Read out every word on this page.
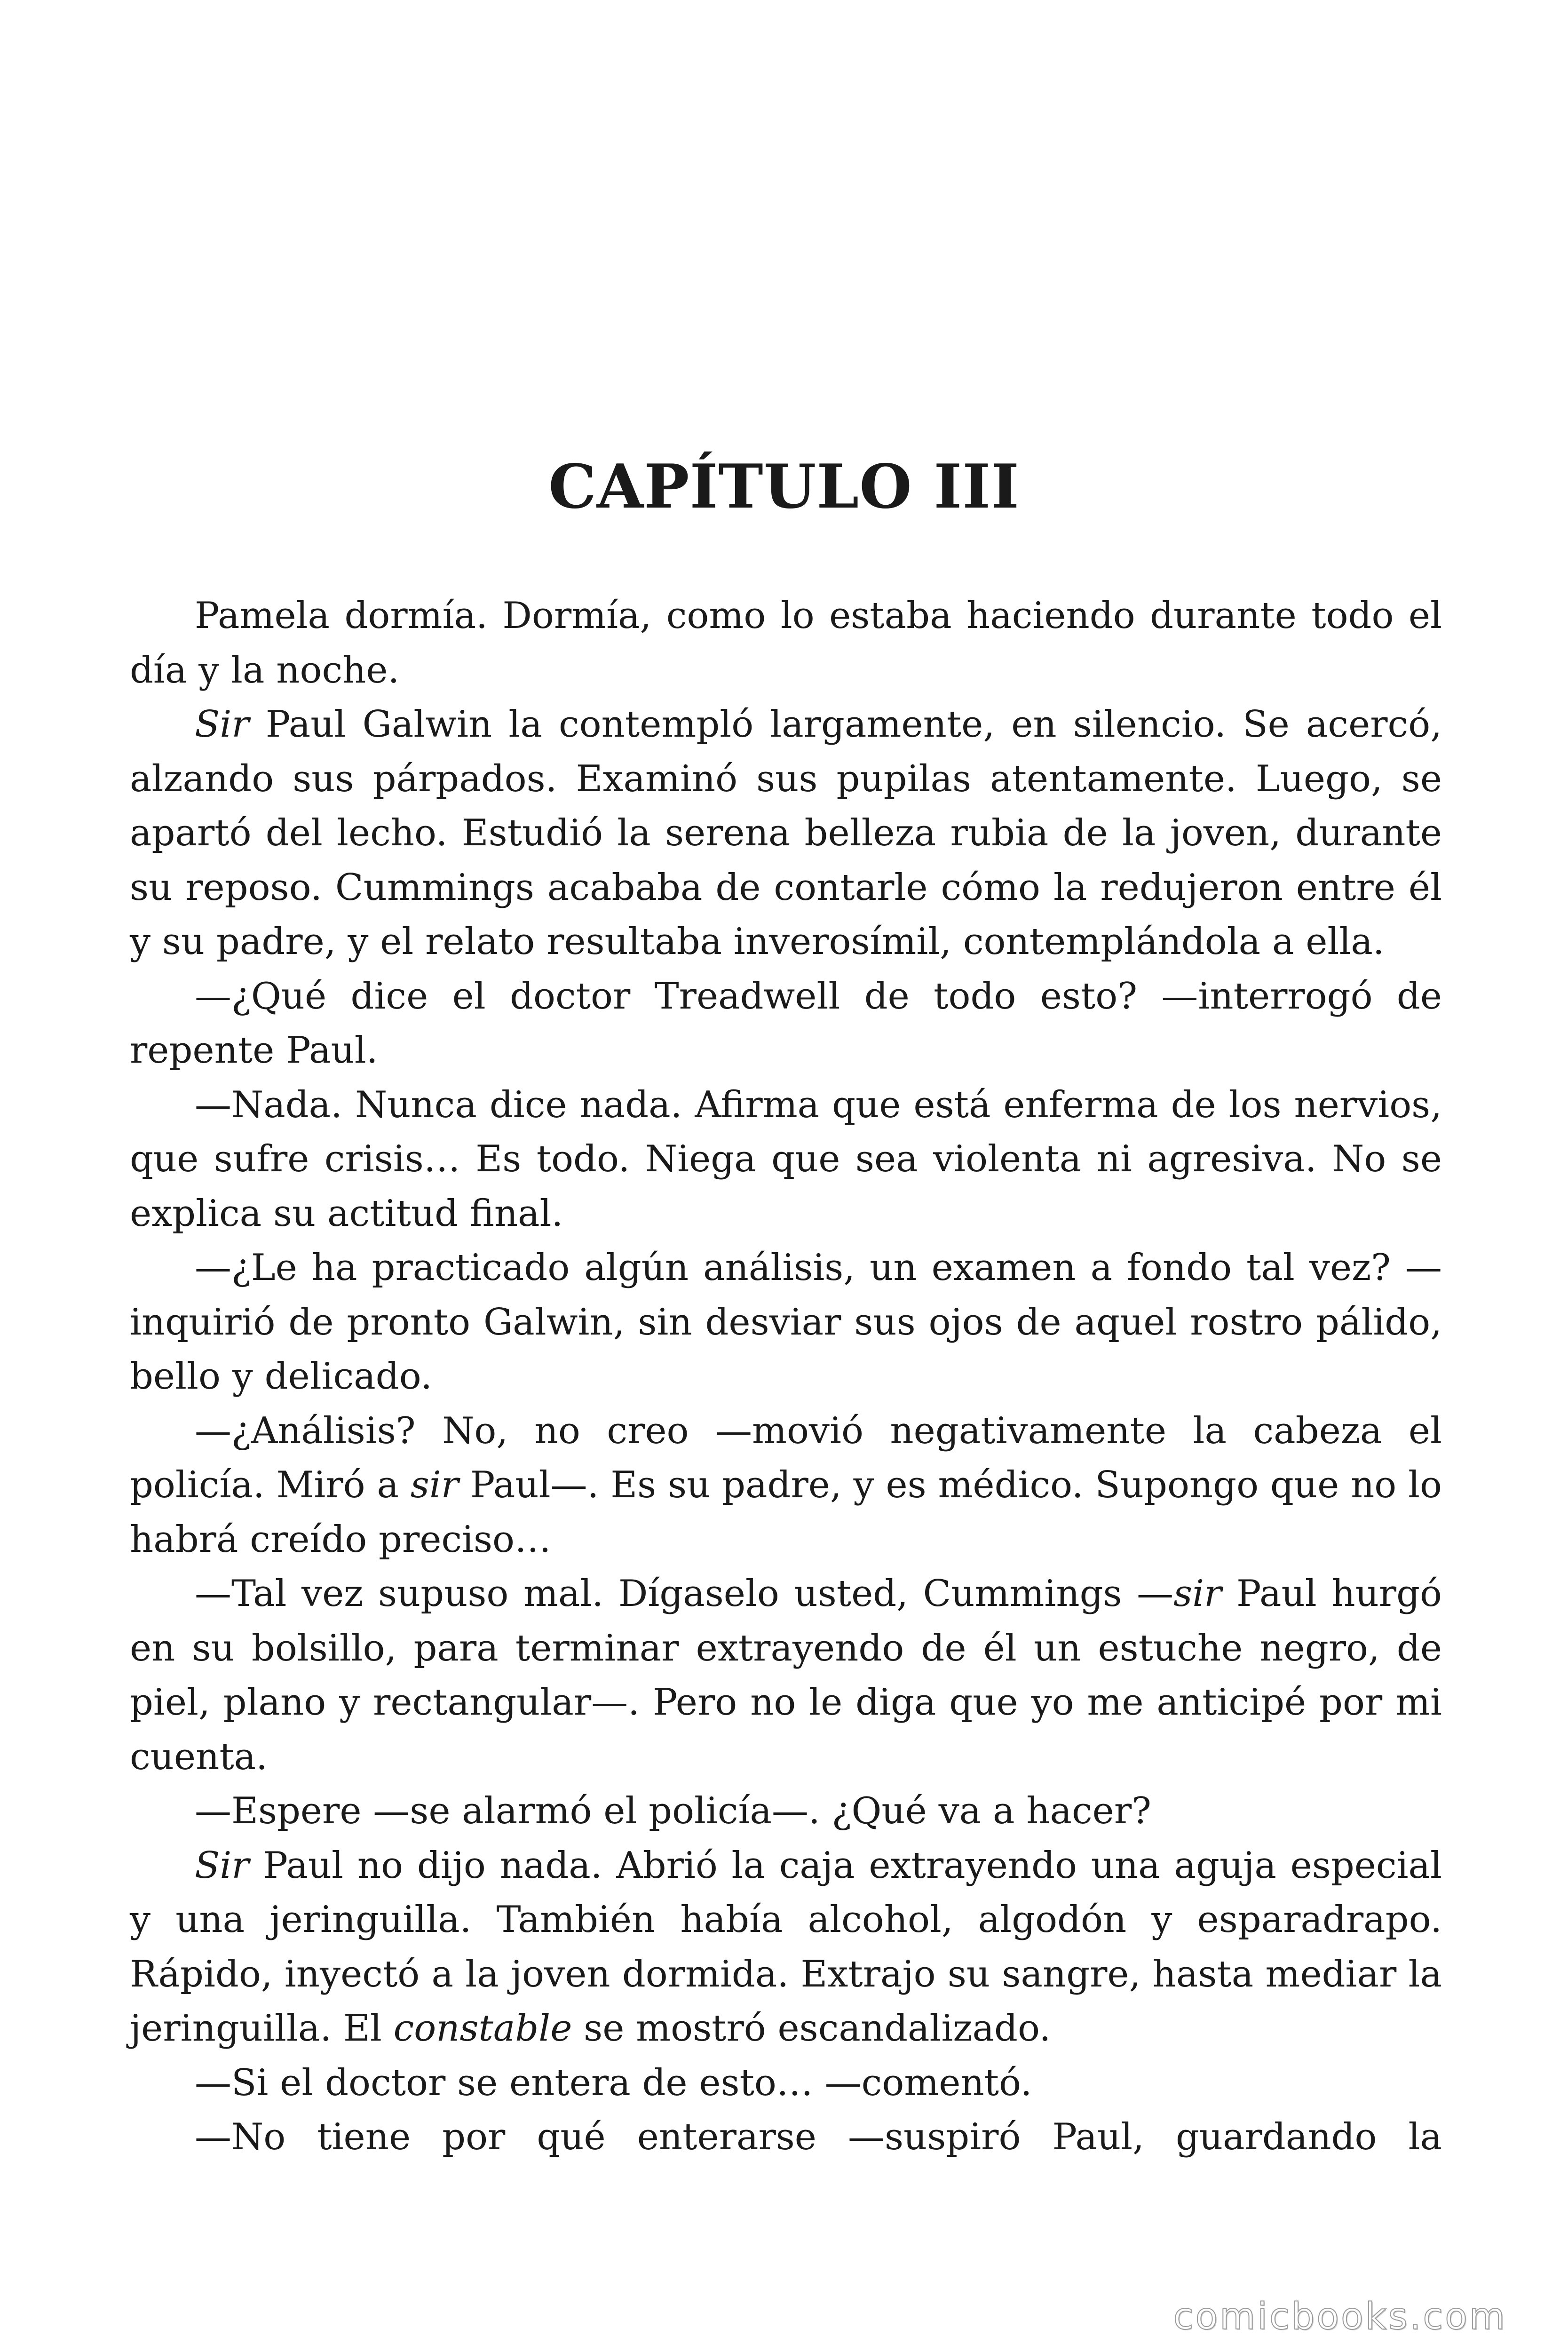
CAPÍTULO III

Pamela dormía. Dormía, como lo estaba haciendo durante todo el día y la noche.

Sir Paul Galwin la contempló largamente, en silencio. Se acercó, alzando sus párpados. Examinó sus pupilas atentamente. Luego, se apartó del lecho. Estudió la serena belleza rubia de la joven, durante su reposo. Cummings acababa de contarle cómo la redujeron entre él y su padre, y el relato resultaba inverosímil, contemplándola a ella.

—¿Qué dice el doctor Treadwell de todo esto? —interrogó de repente Paul.

—Nada. Nunca dice nada. Afirma que está enferma de los nervios, que sufre crisis… Es todo. Niega que sea violenta ni agresiva. No se explica su actitud final.

—¿Le ha practicado algún análisis, un examen a fondo tal vez? —inquirió de pronto Galwin, sin desviar sus ojos de aquel rostro pálido, bello y delicado.

—¿Análisis? No, no creo —movió negativamente la cabeza el policía. Miró a sir Paul—. Es su padre, y es médico. Supongo que no lo habrá creído preciso…

—Tal vez supuso mal. Dígaselo usted, Cummings —sir Paul hurgó en su bolsillo, para terminar extrayendo de él un estuche negro, de piel, plano y rectangular—. Pero no le diga que yo me anticipé por mi cuenta.

—Espere —se alarmó el policía—. ¿Qué va a hacer?

Sir Paul no dijo nada. Abrió la caja extrayendo una aguja especial y una jeringuilla. También había alcohol, algodón y esparadrapo. Rápido, inyectó a la joven dormida. Extrajo su sangre, hasta mediar la jeringuilla. El constable se mostró escandalizado.

—Si el doctor se entera de esto… —comentó.

—No tiene por qué enterarse —suspiró Paul, guardando la

comicbooks.com
